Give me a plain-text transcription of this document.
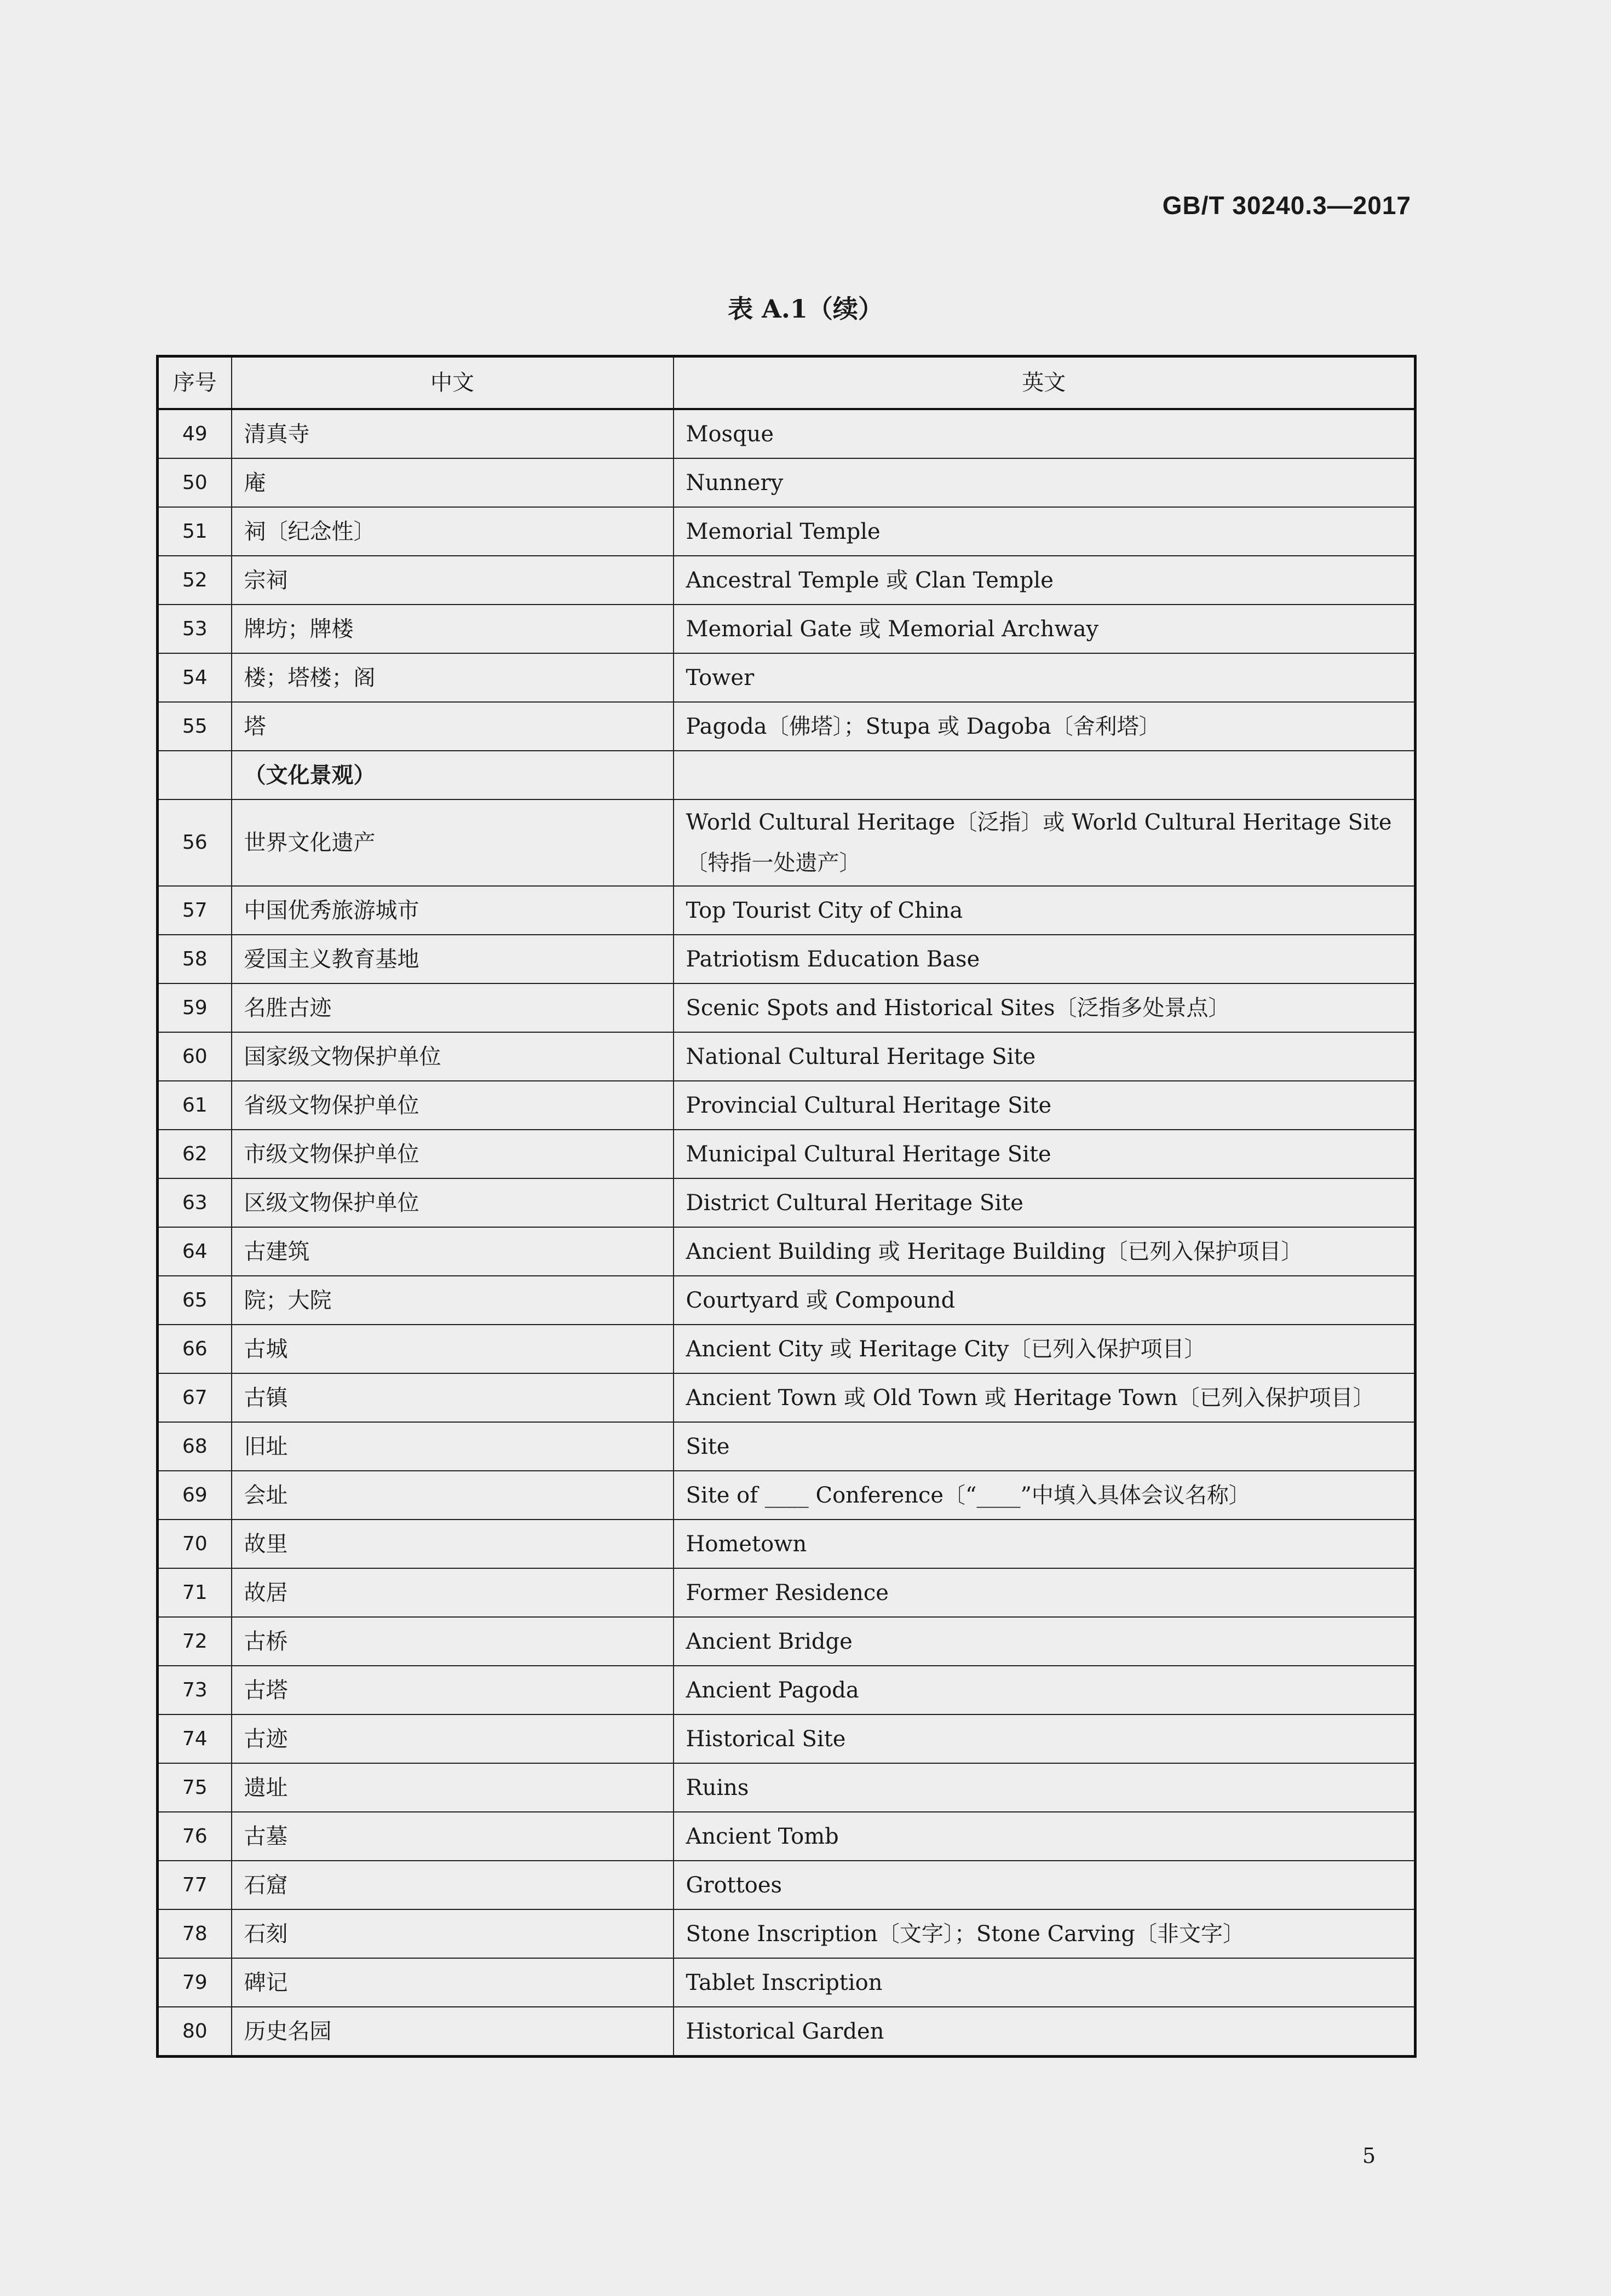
GB/T 30240.3—2017
表 A.1（续）
序号	中文	英文
49	清真寺	Mosque
50	庵	Nunnery
51	祠〔纪念性〕	Memorial Temple
52	宗祠	Ancestral Temple 或 Clan Temple
53	牌坊；牌楼	Memorial Gate 或 Memorial Archway
54	楼；塔楼；阁	Tower
55	塔	Pagoda〔佛塔〕；Stupa 或 Dagoba〔舍利塔〕
	（文化景观）	
56	世界文化遗产	World Cultural Heritage〔泛指〕或 World Cultural Heritage Site〔特指一处遗产〕
57	中国优秀旅游城市	Top Tourist City of China
58	爱国主义教育基地	Patriotism Education Base
59	名胜古迹	Scenic Spots and Historical Sites〔泛指多处景点〕
60	国家级文物保护单位	National Cultural Heritage Site
61	省级文物保护单位	Provincial Cultural Heritage Site
62	市级文物保护单位	Municipal Cultural Heritage Site
63	区级文物保护单位	District Cultural Heritage Site
64	古建筑	Ancient Building 或 Heritage Building〔已列入保护项目〕
65	院；大院	Courtyard 或 Compound
66	古城	Ancient City 或 Heritage City〔已列入保护项目〕
67	古镇	Ancient Town 或 Old Town 或 Heritage Town〔已列入保护项目〕
68	旧址	Site
69	会址	Site of ____ Conference〔“____”中填入具体会议名称〕
70	故里	Hometown
71	故居	Former Residence
72	古桥	Ancient Bridge
73	古塔	Ancient Pagoda
74	古迹	Historical Site
75	遗址	Ruins
76	古墓	Ancient Tomb
77	石窟	Grottoes
78	石刻	Stone Inscription〔文字〕；Stone Carving〔非文字〕
79	碑记	Tablet Inscription
80	历史名园	Historical Garden
5
